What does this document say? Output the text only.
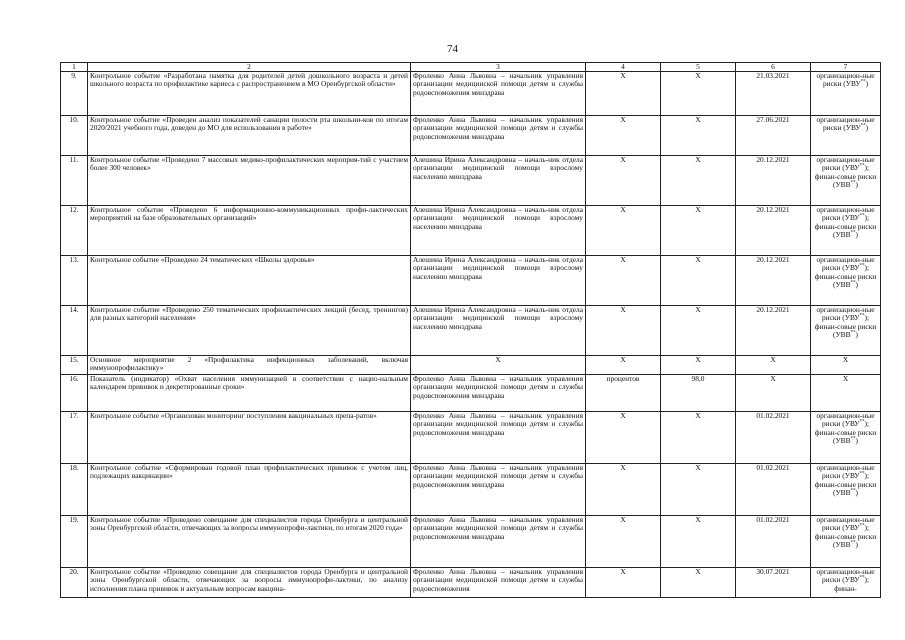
74
1	2	3	4	5	6	7
9.	Контрольное событие «Разработана памятка для родителей детей дошкольного возраста и детей школьного возраста по профилактике кариеса с распространением в МО Оренбургской области»	Фроленко Анна Львовна – начальник управления организации медицинской помощи детям и службы родовспоможения минздрава	X	X	21.03.2021	организацион-ные риски (УВУ**)
10.	Контрольное событие «Проведен анализ показателей санации полости рта школьни-ков по итогам 2020/2021 учебного года, доведен до МО для использования в работе»	Фроленко Анна Львовна – начальник управления организации медицинской помощи детям и службы родовспоможения минздрава	X	X	27.06.2021	организацион-ные риски (УВУ**)
11.	Контрольное событие «Проведено 7 массовых медико-профилактических мероприя-тий с участием более 300 человек»	Алешина Ирина Александровна – началь-ник отдела организации медицинской помощи взрослому населению минздрава	X	X	20.12.2021	организацион-ные риски (УВУ**); финан-совые риски (УВВ**)
12.	Контрольное событие «Проведено 6 информационно-коммуникационных профи-лактических мероприятий на базе образовательных организаций»	Алешина Ирина Александровна – началь-ник отдела организации медицинской помощи взрослому населению минздрава	X	X	20.12.2021	организацион-ные риски (УВУ**); финан-совые риски (УВВ**)
13.	Контрольное событие «Проведено 24 тематических «Школы здоровья»	Алешина Ирина Александровна – началь-ник отдела организации медицинской помощи взрослому населению минздрава	X	X	20.12.2021	организацион-ные риски (УВУ**); финан-совые риски (УВВ**)
14.	Контрольное событие «Проведено 250 тематических профилактических лекций (бесед, тренингов) для разных категорий населения»	Алешина Ирина Александровна – началь-ник отдела организации медицинской помощи взрослому населению минздрава	X	X	20.12.2021	организацион-ные риски (УВУ**); финан-совые риски (УВВ**)
15.	Основное мероприятие 2 «Профилактика инфекционных заболеваний, включая иммунопрофилактику»	X	X	X	X	X
16.	Показатель (индикатор) «Охват населения иммунизацией в соответствии с нацио-нальным календарем прививок и декретированные сроки»	Фроленко Анна Львовна – начальник управления организации медицинской помощи детям и службы родовспоможения минздрава	процентов	98,0	X	X
17.	Контрольное событие «Организован мониторинг поступления вакцинальных препа-ратов»	Фроленко Анна Львовна – начальник управления организации медицинской помощи детям и службы родовспоможения минздрава	X	X	01.02.2021	организацион-ные риски (УВУ**); финан-совые риски (УВВ**)
18.	Контрольное событие «Сформирован годовой план профилактических прививок с учетом лиц, подлежащих вакцинации»	Фроленко Анна Львовна – начальник управления организации медицинской помощи детям и службы родовспоможения минздрава	X	X	01.02.2021	организацион-ные риски (УВУ**); финан-совые риски (УВВ**)
19.	Контрольное событие «Проведено совещание для специалистов города Оренбурга и центральной зоны Оренбургской области, отвечающих за вопросы иммунопрофи-лактики, по итогам 2020 года»	Фроленко Анна Львовна – начальник управления организации медицинской помощи детям и службы родовспоможения минздрава	X	X	01.02.2021	организацион-ные риски (УВУ**); финан-совые риски (УВВ**)
20.	Контрольное событие «Проведено совещание для специалистов города Оренбурга и центральной зоны Оренбургской области, отвечающих за вопросы иммунопрофи-лактики, по анализу исполнения плана прививок и актуальным вопросам вакцина-	Фроленко Анна Львовна – начальник управления организации медицинской помощи детям и службы родовспоможения	X	X	30.07.2021	организацион-ные риски (УВУ**); финан-
